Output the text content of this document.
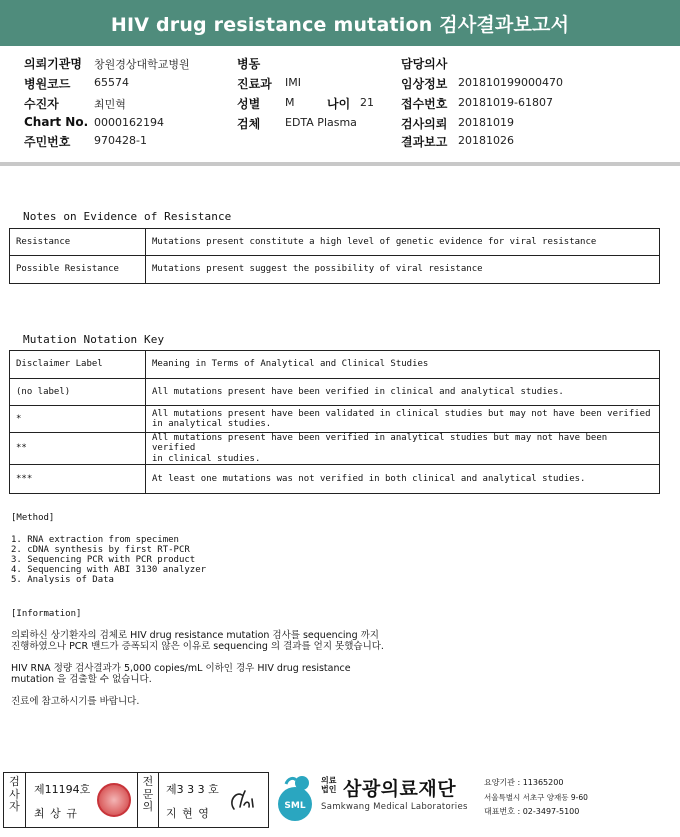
HIV drug resistance mutation 검사결과보고서
의뢰기관명 창원경상대학교병원
병원코드 65574
수진자	최민혁
Chart No. 0000162194
주민번호 970428-1
병동
진료과 IMI
성별 M	나이 21
검체 EDTA Plasma
담당의사
임상정보 201810199000470
접수번호 20181019-61807
검사의뢰 20181019
결과보고 20181026
Notes on Evidence of Resistance
Resistance	Mutations present constitute a high level of genetic evidence for viral resistance
Possible Resistance	Mutations present suggest the possibility of viral resistance
Mutation Notation Key
Disclaimer Label	Meaning in Terms of Analytical and Clinical Studies
(no label)	All mutations present have been verified in clinical and analytical studies.
*	All mutations present have been validated in clinical studies but may not have been verified
in analytical studies.
**	All mutations present have been verified in analytical studies but may not have been verified
in clinical studies.
***	At least one mutations was not verified in both clinical and analytical studies.
[Method]
1. RNA extraction from specimen
2. cDNA synthesis by first RT-PCR
3. Sequencing PCR with PCR product
4. Sequencing with ABI 3130 analyzer
5. Analysis of Data
[Information]
의뢰하신 상기환자의 검체로 HIV drug resistance mutation 검사를 sequencing 까지
진행하였으나 PCR 밴드가 증폭되지 않은 이유로 sequencing 의 결과를 얻지 못했습니다.
HIV RNA 정량 검사결과가 5,000 copies/mL 이하인 경우 HIV drug resistance
mutation 을 검출할 수 없습니다.
진료에 참고하시기를 바랍니다.
검사자
제11194호
최 상 규
전문의
제3 3 3 호
지 현 영
SML
의료
법인 삼광의료재단
Samkwang Medical Laboratories
요양기관 : 11365200
서울특별시 서초구 양재동 9-60
대표번호 : 02-3497-5100
